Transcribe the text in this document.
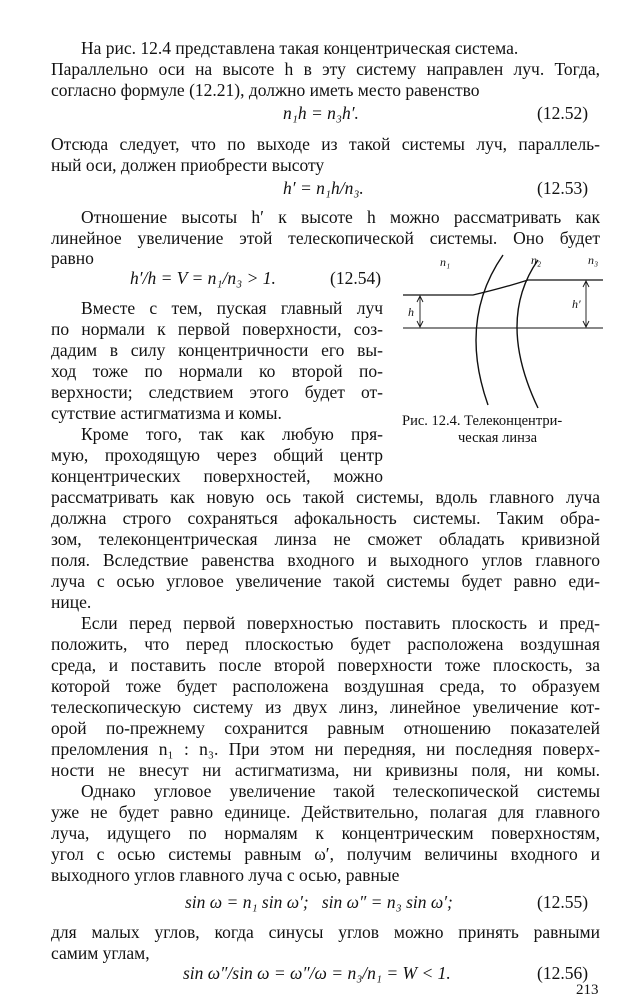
На рис. 12.4 представлена такая концентрическая система.
Параллельно оси на высоте h в эту систему направлен луч. Тогда,
согласно формуле (12.21), должно иметь место равенство
n₁h = n₃h′.	(12.52)
Отсюда следует, что по выходе из такой системы луч, параллель-
ный оси, должен приобрести высоту
h′ = n₁h/n₃.	(12.53)
Отношение высоты h′ к высоте h можно рассматривать как
линейное увеличение этой телескопической системы. Оно будет
равно
h′/h = V = n₁/n₃ > 1.	(12.54)
Вместе с тем, пуская главный луч
по нормали к первой поверхности, соз-
дадим в силу концентричности его вы-
ход тоже по нормали ко второй по-
верхности; следствием этого будет от-
сутствие астигматизма и комы.
Кроме того, так как любую пря-
мую, проходящую через общий центр
концентрических поверхностей, можно
рассматривать как новую ось такой системы, вдоль главного луча
должна строго сохраняться афокальность системы. Таким обра-
зом, телеконцентрическая линза не сможет обладать кривизной
поля. Вследствие равенства входного и выходного углов главного
луча с осью угловое увеличение такой системы будет равно еди-
нице.
Если перед первой поверхностью поставить плоскость и пред-
положить, что перед плоскостью будет расположена воздушная
среда, и поставить после второй поверхности тоже плоскость, за
которой тоже будет расположена воздушная среда, то образуем
телескопическую систему из двух линз, линейное увеличение кот-
орой по-прежнему сохранится равным отношению показателей
преломления n₁ : n₃. При этом ни передняя, ни последняя поверх-
ности не внесут ни астигматизма, ни кривизны поля, ни комы.
Однако угловое увеличение такой телескопической системы
уже не будет равно единице. Действительно, полагая для главного
луча, идущего по нормалям к концентрическим поверхностям,
угол с осью системы равным ω′, получим величины входного и
выходного углов главного луча с осью, равные
sin ω = n₁ sin ω′;   sin ω″ = n₃ sin ω′;	(12.55)
для малых углов, когда синусы углов можно принять равными
самим углам,
sin ω″/sin ω = ω″/ω = n₃/n₁ = W < 1.	(12.56)
213
n₁	n₂	n₃
h
h′
Рис. 12.4. Телеконцентри-
ческая линза
